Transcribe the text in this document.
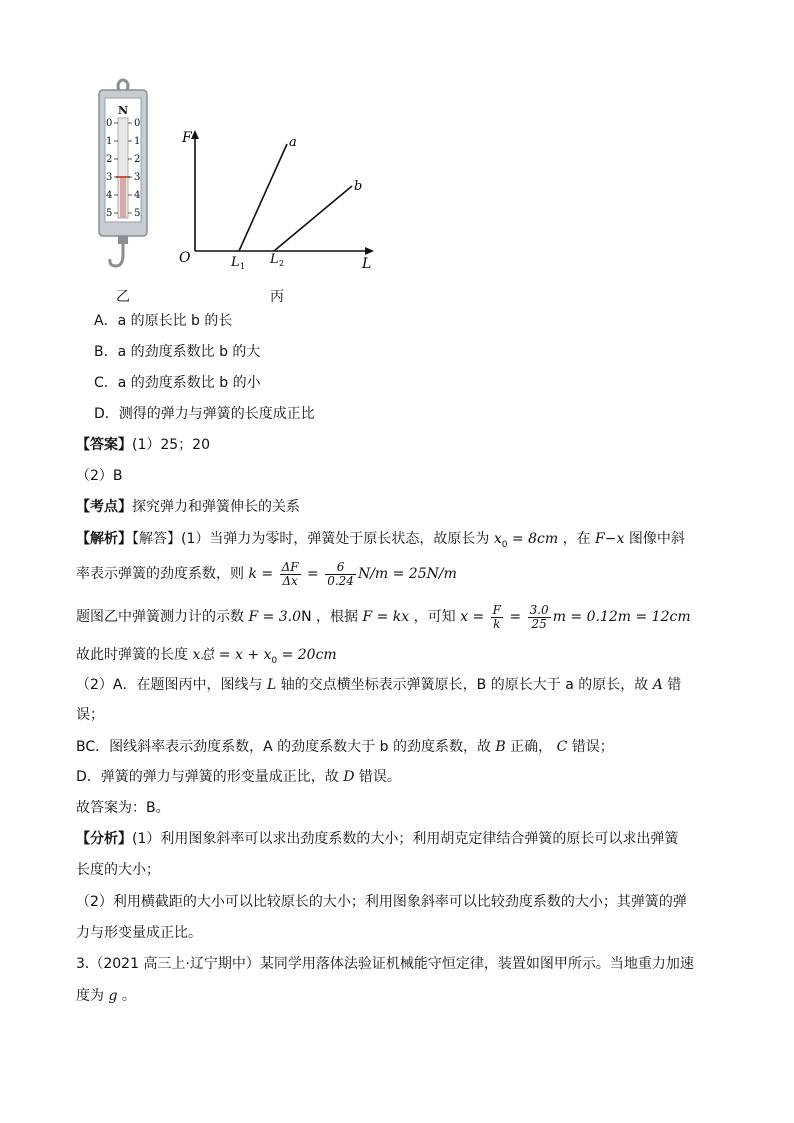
N
0
1
2
3
4
5
0
1
2
3
4
5
乙
F
L
O
a
b
L 1 L 2
丙
A．a 的原长比 b 的长
B．a 的劲度系数比 b 的大
C．a 的劲度系数比 b 的小
D．测得的弹力与弹簧的长度成正比
【答案】(1）25；20
（2）B
【考点】探究弹力和弹簧伸长的关系
【解析】【解答】(1）当弹力为零时，弹簧处于原长状态，故原长为 $x_0 = 8cm$ ，在 F−x 图像中斜
率表示弹簧的劲度系数，则 $k = \frac{\Delta F}{\Delta x} = \frac{6}{0.24} N/m = 25N/m$
题图乙中弹簧测力计的示数 F = 3.0N ，根据 F = kx ，可知 $x = \frac{F}{k} = \frac{3.0}{25}$ m = 0.12m = 12cm
故此时弹簧的长度 x总 = $x + x_0 = 20cm$
（2）A．在题图丙中，图线与 L 轴的交点横坐标表示弹簧原长，B 的原长大于 a 的原长，故 A 错
误；
BC．图线斜率表示劲度系数，A 的劲度系数大于 b 的劲度系数，故 B 正确， C 错误；
D．弹簧的弹力与弹簧的形变量成正比，故 D 错误。
故答案为：B。
【分析】(1）利用图象斜率可以求出劲度系数的大小；利用胡克定律结合弹簧的原长可以求出弹簧
长度的大小；
（2）利用横截距的大小可以比较原长的大小；利用图象斜率可以比较劲度系数的大小；其弹簧的弹
力与形变量成正比。
3.（2021 高三上·辽宁期中）某同学用落体法验证机械能守恒定律，装置如图甲所示。当地重力加速
度为 g 。
